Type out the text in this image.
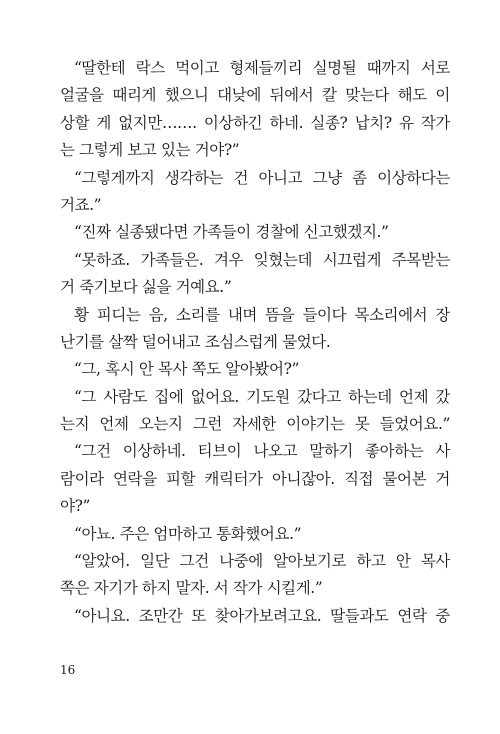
“딸한테 락스 먹이고 형제들끼리 실명될 때까지 서로
얼굴을 때리게 했으니 대낮에 뒤에서 칼 맞는다 해도 이
상할 게 없지만……. 이상하긴 하네. 실종? 납치? 유 작가
는 그렇게 보고 있는 거야?”
“그렇게까지 생각하는 건 아니고 그냥 좀 이상하다는
거죠.”
“진짜 실종됐다면 가족들이 경찰에 신고했겠지.”
“못하죠. 가족들은. 겨우 잊혔는데 시끄럽게 주목받는
거 죽기보다 싫을 거예요.”
황 피디는 음, 소리를 내며 뜸을 들이다 목소리에서 장
난기를 살짝 덜어내고 조심스럽게 물었다.
“그, 혹시 안 목사 쪽도 알아봤어?”
“그 사람도 집에 없어요. 기도원 갔다고 하는데 언제 갔
는지 언제 오는지 그런 자세한 이야기는 못 들었어요.”
“그건 이상하네. 티브이 나오고 말하기 좋아하는 사
람이라 연락을 피할 캐릭터가 아니잖아. 직접 물어본 거
야?”
“아뇨. 주은 엄마하고 통화했어요.”
“알았어. 일단 그건 나중에 알아보기로 하고 안 목사
쪽은 자기가 하지 말자. 서 작가 시킬게.”
“아니요. 조만간 또 찾아가보려고요. 딸들과도 연락 중
16
